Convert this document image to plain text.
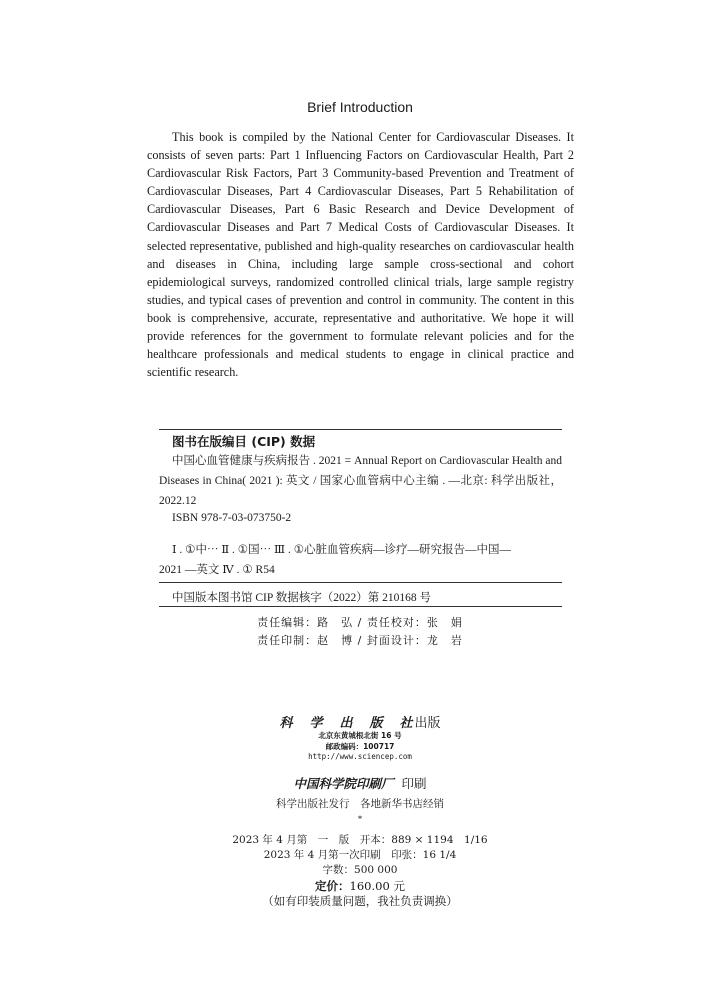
Brief Introduction

This book is compiled by the National Center for Cardiovascular Diseases. It consists of seven parts: Part 1 Influencing Factors on Cardiovascular Health, Part 2 Cardiovascular Risk Factors, Part 3 Community-based Prevention and Treatment of Cardiovascular Diseases, Part 4 Cardiovascular Diseases, Part 5 Rehabilitation of Cardiovascular Diseases, Part 6 Basic Research and Device Development of Cardiovascular Diseases and Part 7 Medical Costs of Cardiovascular Diseases. It selected representative, published and high-quality researches on cardiovascular health and diseases in China, including large sample cross-sectional and cohort epidemiological surveys, randomized controlled clinical trials, large sample registry studies, and typical cases of prevention and control in community. The content in this book is comprehensive, accurate, representative and authoritative. We hope it will provide references for the government to formulate relevant policies and for the healthcare professionals and medical students to engage in clinical practice and scientific research.

图书在版编目 (CIP) 数据

中国心血管健康与疾病报告 . 2021 = Annual Report on Cardiovascular Health and Diseases in China( 2021 ): 英文 / 国家心血管病中心主编 . —北京: 科学出版社，2022.12

ISBN 978-7-03-073750-2
Ⅰ . ①中⋯ Ⅱ . ①国⋯ Ⅲ . ①心脏血管疾病—诊疗—研究报告—中国—
2021 —英文 Ⅳ . ① R54
中国版本图书馆 CIP 数据核字（2022）第 210168 号
责任编辑：路　弘 / 责任校对：张　娟
责任印制：赵　博 / 封面设计：龙　岩
科　学　出　版　社出版
北京东黄城根北街 16 号
邮政编码：100717
http://www.sciencep.com
中国科学院印刷厂 印刷
科学出版社发行　各地新华书店经销
*
2023 年 4 月第　一　版　开本：889 × 1194　1/16
2023 年 4 月第一次印刷　印张：16 1/4
字数：500 000
定价：160.00 元
（如有印装质量问题，我社负责调换）
